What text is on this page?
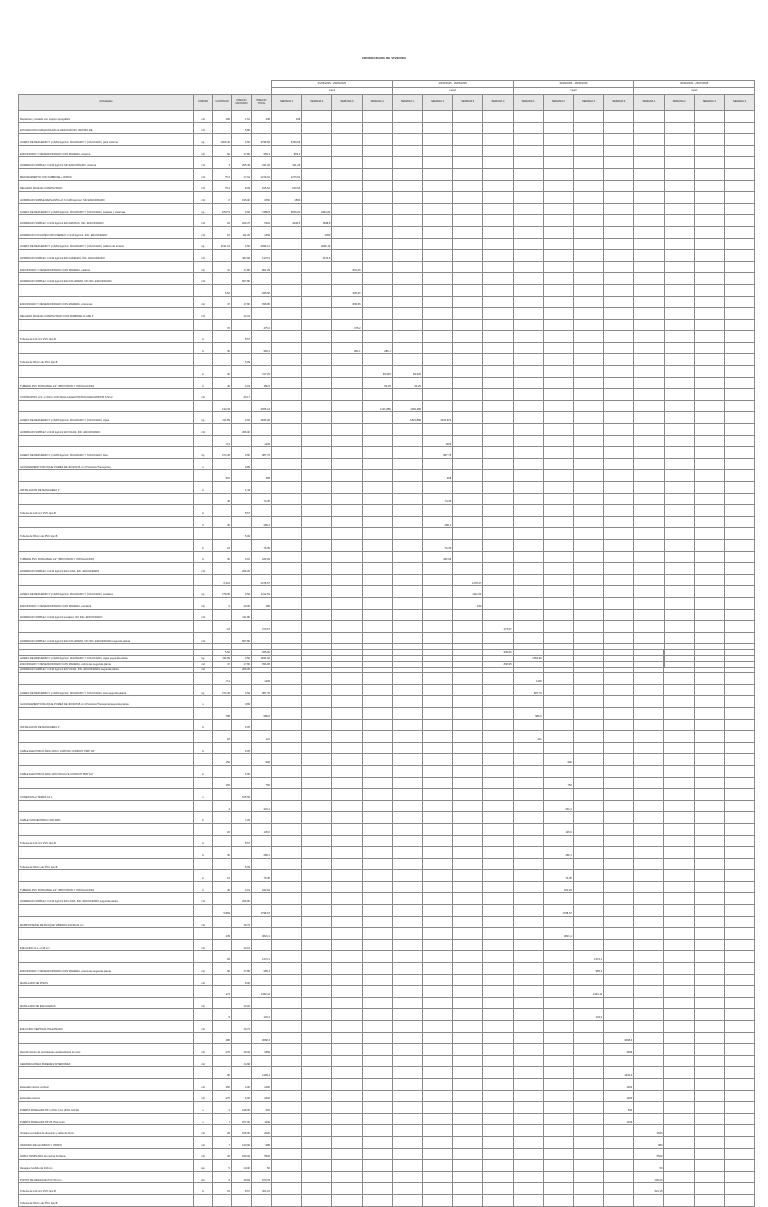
CRONOGRAMA DE VIVIENDA
					01/05/2025 - 29/05/2025				30/05/2025 - 29/05/2025				30/05/2025 - 28/05/2025				30/06/2025 - 28/07/2025			
					mes1				mes2				mes3				mes4			
Actividades	UNIDAD	CANTIDAD	PRECIO UNITARIO	PRECIO TOTAL	SEMANA 1	SEMANA 2	SEMANA 3	SEMANA 4	SEMANA 1	SEMANA 2	SEMANA 3	SEMANA 4	SEMANA 1	SEMANA 2	SEMANA 3	SEMANA 4	SEMANA 1	SEMANA 2	SEMANA 3	SEMANA 4
Replanteo y trazado con equipo topográfico	m2	290	1,51	438	438															
EXCAVACION A MAQUINA EN CLASIFICAR INC. RETIRO DE	m3		5,80																	
ACERO DE REFUERZO f´y=4200 kg/cm2, FIGURADO Y COLOCADO, para cisterna	kg	1000,30	4,50	3799,56	3799,56															
ENCOFRADO Y DESENCOFRADO CON MADERA, cisterna	m2	56	17,80	955,3	955,3															
HORMIGON SIMPLE f´c=240 kg/cm2 SIN ENCOFRADO, cisterna	m3	3	205,49	911,26	911,26															
MEJORAMIENTO CON SUBBASE + RIPIAS	m3	75,2	17,91	1279,61	1279,61															
RELLENO MANUAL COMPACTADO	m3	75,2	8,09	615,54	615,54															
HORMIGON SIMPLE REPLANTILLO f´c=180 kg/cm2, SIN ENCOFRADO	m3	8	195,00	1560	1560															
ACERO DE REFUERZO f´y=4200 kg/cm2, FIGURADO Y COLOCADO, zapatas y cisternas	kg	1847,5	4,50	7489,5	3815,00	3454,81														
HORMIGON SIMPLE f´c=210 kg/cm2 EN ZAPATAS, INC. ENCOFRADO	m3	20	209,70	5164	4245,5	1848,8														
HORMIGON CICLOPEO 60% PIEDRA f´c=140 kg/cm2, INC. ENCOFRADO	m3	10	111,00	1350		1350														
ACERO DE REFUERZO f´y=4200 kg/cm2, FIGURADO Y COLOCADO, cadena de amarre	kg	1011,24	4,50	4096,14		4096,14														
HORMIGON SIMPLE f´c=210 kg/cm2 EN CADENAS, INC. ENCOFRADO	m3		462,90	1472,5		1472,5														
ENCOFRADO Y DESENCOFRADO CON MADERA, cadena	m2	41	17,80	801,29			801,29													
HORMIGON SIMPLE f´c=210 kg/cm2 EN COLUMNAS, NO INC. ENCOFRADO	m3		567,80																	
		5,52		935,66			935,66													
ENCOFRADO Y DESENCOFRADO CON MADERA, columnas	m2	47	17,80	836,95			836,95													
RELLENO MANUAL COMPACTADO CON SUBBASE CLASE 3	m3		12,31																	
		76		475,2			475,2													
Tubería de 110 mm PVC tipo B	m		8,57																	
	m	30		981,3			281,1	286,1												
Tubería de 50mm de PVC tipo B			5,09																	
	m	30		117,25				83,625	83,625											
TUBERIA PVC ROSCABLE 1/2" (PROVISION Y INSTALACION)	m	30	3,04	180,5				90,25	90,25											
CONTRAPISO H.S. e=10cm CON MALLA ELECTROSOLDADA R84/150 6.5mm	m2		26,17																	
		130,33		2305,13				1131,880	1169,480											
ACERO DE REFUERZO f´y=4200 kg/cm2, FIGURADO Y COLOCADO, vigas	kg	411,89	4,50	1844,90					1821,880	1033,872										
HORMIGON SIMPLE f´c=210 kg/cm2 EN VIGAS, INC. ENCOFRADO	m3		206,00																	
		8,4		1109						1109										
ACERO DE REFUERZO f´y=4200 kg/cm2, FIGURADO Y COLOCADO, losa	kg	274,45	4,50	987,76						987,76										
ALIVIANAMIENTO BLOQUE POMEZ DE 40X20X15 cm (Provision/Transporte)	u		0,89																	
		515		458						458										
INSTALACION DE MANGUERA 1"	m		1,43																	
		40		74,35						74,35										
Tubería de 110 mm PVC tipo B	m		8,57																	
	m	30		286,1						286,1										
Tubería de 50mm de PVC tipo B			5,09																	
	m	15		76,35						76,35										
TUBERIA PVC ROSCABLE 1/2" (PROVISION Y INSTALACION)	m	30	3,01	182,93						182,93										
HORMIGON SIMPLE f´c=210 kg/cm2 EN LOSA, INC. ENCOFRADO	m3		206,00																	
		6,219		1478,67							1478,67									
ACERO DE REFUERZO f´y=4200 kg/cm2, FIGURADO Y COLOCADO, escalera	kg	278,35	4,50	1112,53							1112,53									
ENCOFRADO Y DESENCOFRADO CON MADERA, escalera	m2	9	20,00	180							180									
HORMIGON SIMPLE f´c=210 kg/cm2 escalera, NO INC. ENCOFRADO	m3		311,80																	
		1,8		274,57								274,57								
HORMIGON SIMPLE f´c=210 kg/cm2 EN COLUMNAS, NO INC. ENCOFRADO segunda planta	m3		567,80																	
		5,52		935,66								935,66								
ENCOFRADO Y DESENCOFRADO CON MADERA, columnas segunda planta	m2	47	17,80	836,95								836,95								
ACERO DE REFUERZO f´y=4200 kg/cm2, FIGURADO Y COLOCADO, vigas segunda planta	kg	411,89	4,50	1844,90									1484,90							
HORMIGON SIMPLE f´c=210 kg/cm2 EN VIGAS, INC. ENCOFRADO segunda planta	m3		206,00																	
		8,4		1109									1109							
ACERO DE REFUERZO f´y=4200 kg/cm2, FIGURADO Y COLOCADO, losa segunda planta	kg	274,45	4,50	987,76									987,76							
ALIVIANAMIENTO BLOQUE POMEZ DE 40X20X15 cm (Provision/Transporte)segunda planta	u		0,89																	
		758		586,6									586,6							
INSTALACION DE MANGUERA 1"	m		6,05																	
		18		121									121							
CABLE ELECTRICO AWG 10X3 / 14X8 INC CONDUIT PMP 1/2"	m		6,05																	
		150		900										900						
CABLE ELECTRICO AWG 10X3 INCLUYE CONDUIT PMP 1/2"	m		5,00																	
		150		756										756						
CONEXION a/ TERRA G1.1	u		165,55																	
		3		331,1										331,1						
CABLE CONCENTRICO 3X6 AWG	m		7,26																	
		20		145,6										145,6						
Tubería de 110 mm PVC tipo B	m		8,57																	
	m	30		286,1										286,1						
Tubería de 50mm de PVC tipo B			5,09																	
	m	15		76,35										76,35						
TUBERIA PVC ROSCABLE 1/2" (PROVISION Y INSTALACION)	m	30	3,01	182,93										182,93						
HORMIGON SIMPLE f´c=210 kg/cm2 EN LOSA, INC. ENCOFRADO segunda planta	m3		206,00																	
		5,869		1798,67										1798,67						
MAMPOSTERIA DE BLOQUE VIBRADO 15x40x20 cm	m2		15,72																	
		245		3821,1										3821,1						
ENLUCIDO H.s. e=15 cm	m2		12,16																	
		92		1474,1											1474,1					
ENCOFRADO Y DESENCOFRADO CON MADERA, columnas segunda planta	m2	56	17,80	955,3											955,3					
MASILLADO DE PISOS	m2		8,06																	
		174		1402,11											1402,11					
MASILLADO DE ESCALERAS	m2		14,92																	
		9		134,3											134,3					
ENLUCIDO VERTICAL PALETEADO	m2		10,73																	
		286		3068,4												3068,4				
Recubrimiento de porcelanato antideslizante en piso	m2	270	16,00	3456												3456				
CERAMICA PARA PAREDES INTERIORES	m2		14,68																	
		96		1409,4												1409,4				
Estucado interior vertical	m2	350	4,00	1400												1400				
Estucado exterior	m2	270	6,00	1620												1620				
PUERTA PANELADA PP 1 ZAG 1 Inn (INCL HOJA)	u	3	198,00	594												594				
PUERTA PANELADA PP 25.75x2 color	u	7	167,00	1169												1169				
Ventana corrediza de aluminio y vidrio de 6mm	m2	25	105,00	2625													2625			
INODORO DE ALUMINIO Y VIDRIO	m2	7	140,00	980													980			
GRIFO TEMPLADO de cocina Fordana	m2	30	184,00	5520													5520			
Desague fundido de 110mm	pto	5	10,00	50													50			
PUNTO DE DESAGUE PVC 50 mm	pto	6	16,84	100,03													100,03			
Tubería de 110 mm PVC tipo B	m	15	8,57	321,15													321,15			
Tubería de 50mm de PVC tipo B																				
